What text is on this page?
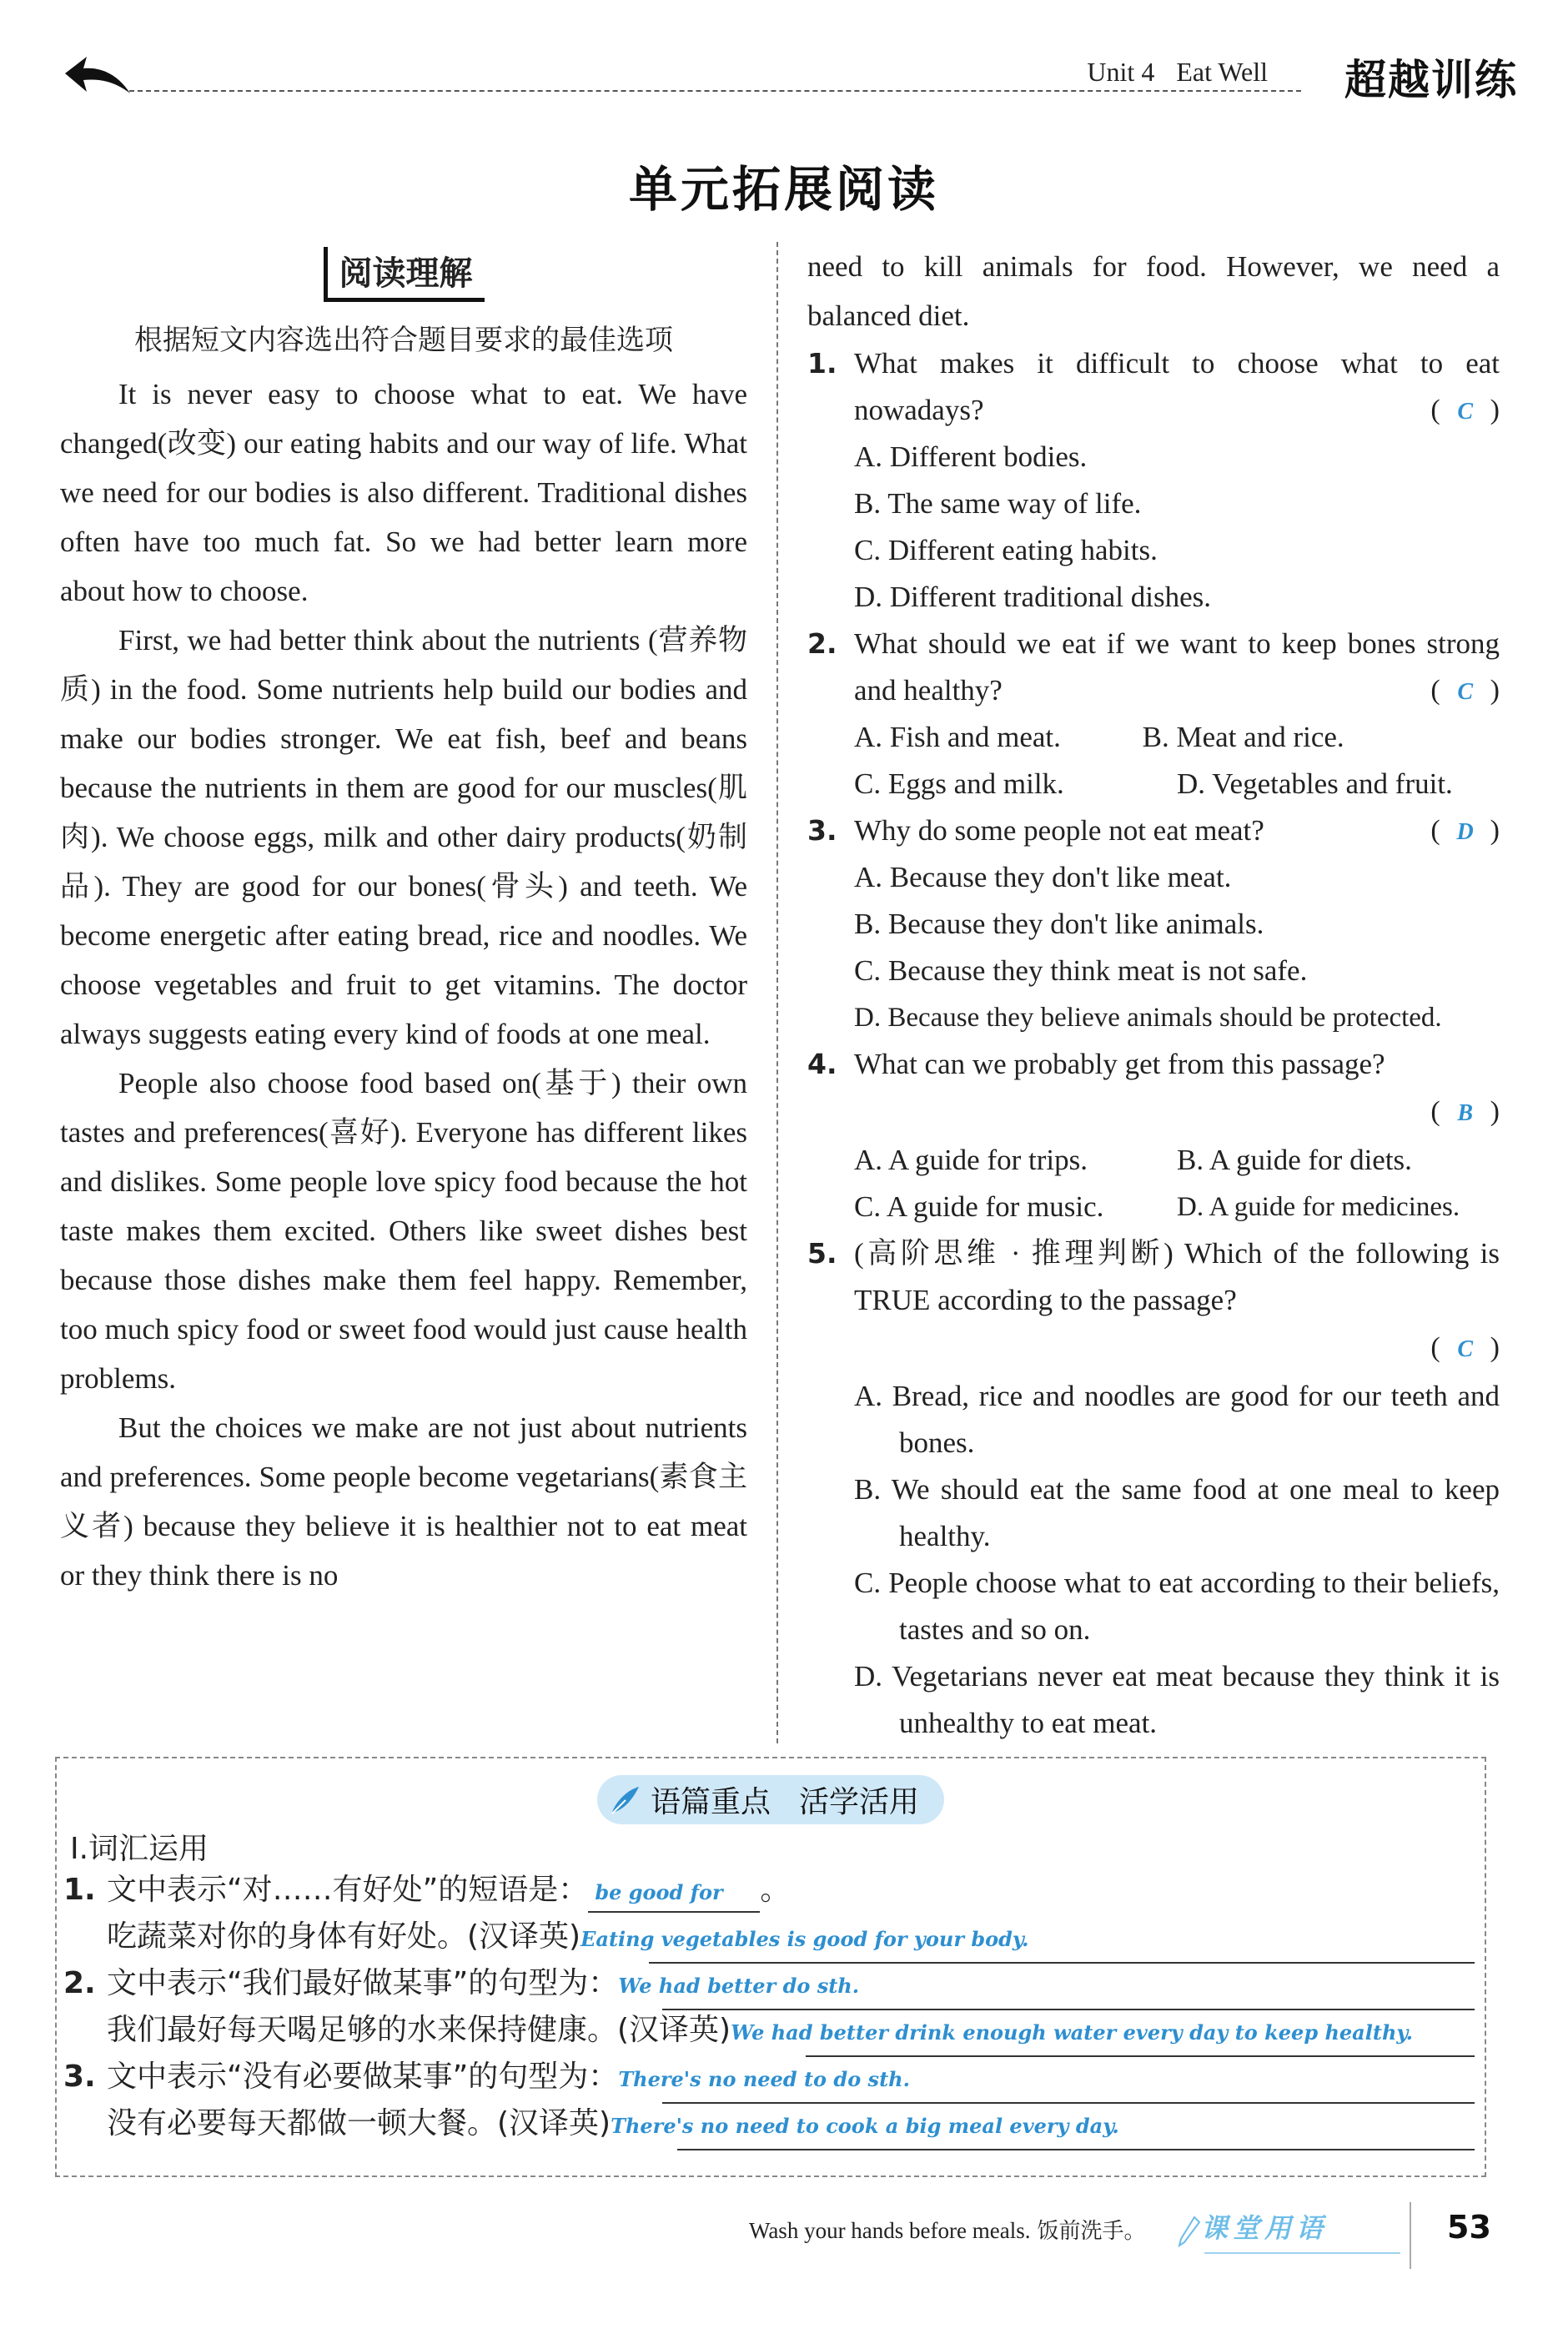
Unit 4 Eat Well 超越训练
单元拓展阅读
阅读理解
根据短文内容选出符合题目要求的最佳选项

It is never easy to choose what to eat. We have changed(改变) our eating habits and our way of life. What we need for our bodies is also different. Traditional dishes often have too much fat. So we had better learn more about how to choose.

First, we had better think about the nutrients (营养物质) in the food. Some nutrients help build our bodies and make our bodies stronger. We eat fish, beef and beans because the nutrients in them are good for our muscles(肌肉). We choose eggs, milk and other dairy products(奶制品). They are good for our bones(骨头) and teeth. We become energetic after eating bread, rice and noodles. We choose vegetables and fruit to get vitamins. The doctor always suggests eating every kind of foods at one meal.

People also choose food based on(基于) their own tastes and preferences(喜好). Everyone has different likes and dislikes. Some people love spicy food because the hot taste makes them excited. Others like sweet dishes best because those dishes make them feel happy. Remember, too much spicy food or sweet food would just cause health problems.

But the choices we make are not just about nutrients and preferences. Some people become vegetarians(素食主义者) because they believe it is healthier not to eat meat or they think there is no

need to kill animals for food. However, we need a balanced diet.

1. What makes it difficult to choose what to eat nowadays?	( C )
A. Different bodies.
B. The same way of life.
C. Different eating habits.
D. Different traditional dishes.
2. What should we eat if we want to keep bones strong and healthy?	( C )
A. Fish and meat.	B. Meat and rice.
C. Eggs and milk.	D. Vegetables and fruit.
3. Why do some people not eat meat?	( D )
A. Because they don't like meat.
B. Because they don't like animals.
C. Because they think meat is not safe.
D. Because they believe animals should be protected.
4. What can we probably get from this passage?
( B )
A. A guide for trips.	B. A guide for diets.
C. A guide for music.	D. A guide for medicines.
5. (高阶思维 · 推理判断) Which of the following is TRUE according to the passage?
( C )
A. Bread, rice and noodles are good for our teeth and bones.
B. We should eat the same food at one meal to keep healthy.
C. People choose what to eat according to their beliefs, tastes and so on.
D. Vegetarians never eat meat because they think it is unhealthy to eat meat.
语篇重点 活学活用
Ⅰ.词汇运用
1. 文中表示“对……有好处”的短语是： be good for 。
吃蔬菜对你的身体有好处。(汉译英)Eating vegetables is good for your body.
2. 文中表示“我们最好做某事”的句型为：We had better do sth.
我们最好每天喝足够的水来保持健康。(汉译英)We had better drink enough water every day to keep healthy.
3. 文中表示“没有必要做某事”的句型为：There's no need to do sth.
没有必要每天都做一顿大餐。(汉译英)There's no need to cook a big meal every day.
Wash your hands before meals. 饭前洗手。 课堂用语	53
